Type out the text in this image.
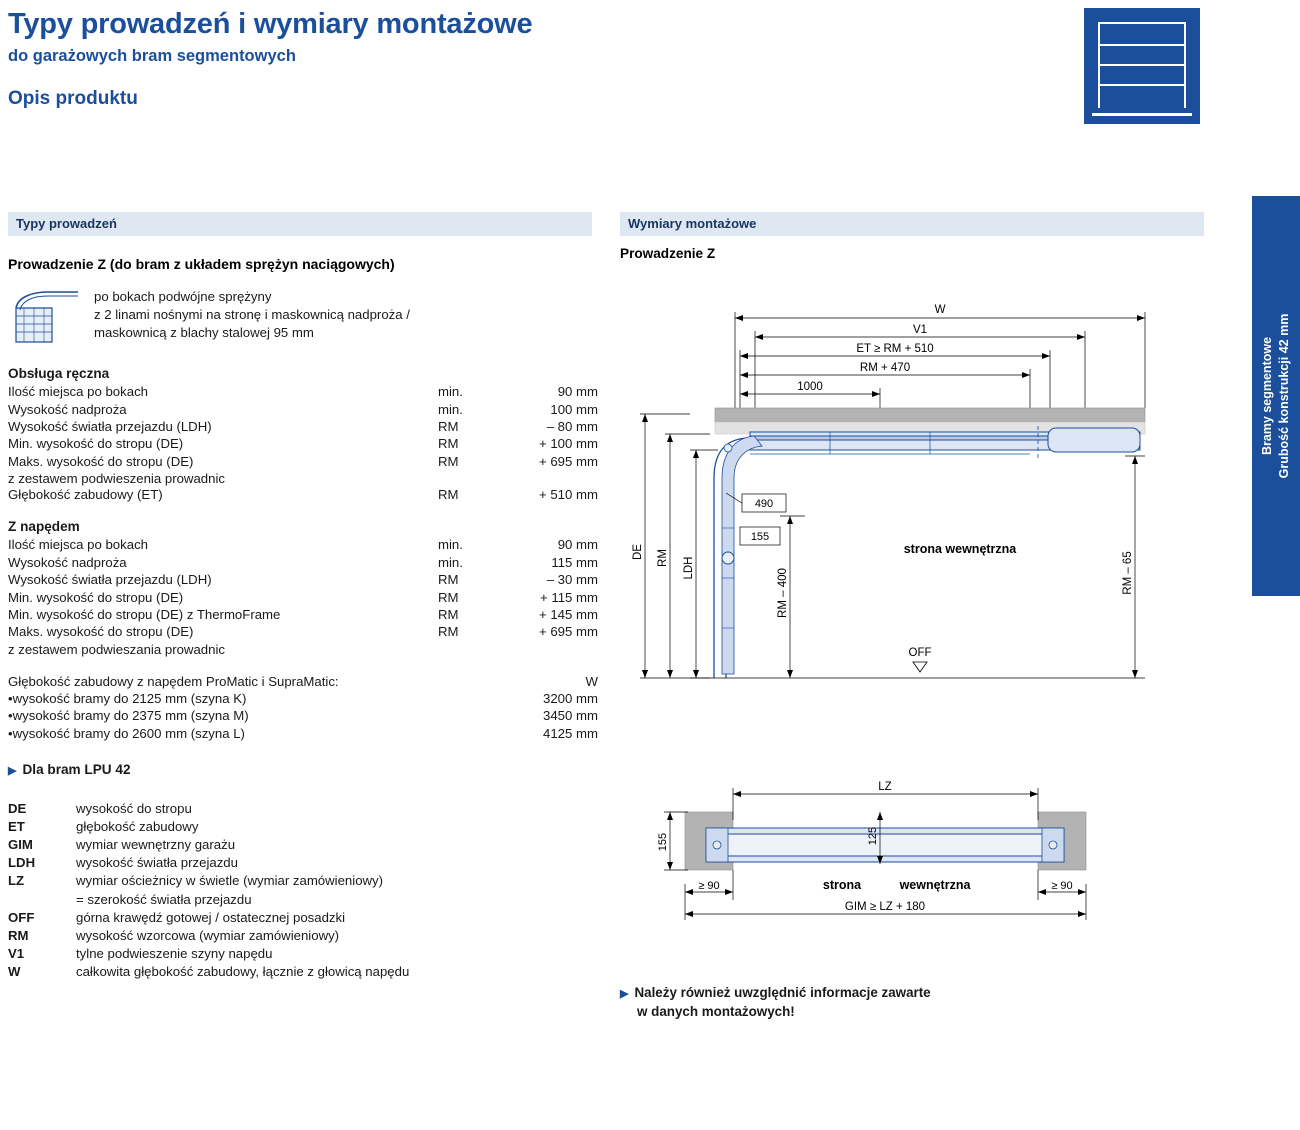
Typy prowadzeń i wymiary montażowe
do garażowych bram segmentowych
Opis produktu
Bramy segmentowe Grubość konstrukcji 42 mm
Typy prowadzeń	Wymiary montażowe
Prowadzenie Z (do bram z układem sprężyn naciągowych)
po bokach podwójne sprężyny
z 2 linami nośnymi na stronę i maskownicą nadproża /
maskownicą z blachy stalowej 95 mm
Obsługa ręczna
Ilość miejsca po bokach	min.	90 mm
Wysokość nadproża	min.	100 mm
Wysokość światła przejazdu (LDH)	RM	– 80 mm
Min. wysokość do stropu (DE)	RM	+ 100 mm
Maks. wysokość do stropu (DE)	RM	+ 695 mm
z zestawem podwieszenia prowadnic
Głębokość zabudowy (ET)	RM	+ 510 mm
Z napędem
Ilość miejsca po bokach	min.	90 mm
Wysokość nadproża	min.	115 mm
Wysokość światła przejazdu (LDH)	RM	– 30 mm
Min. wysokość do stropu (DE)	RM	+ 115 mm
Min. wysokość do stropu (DE) z ThermoFrame	RM	+ 145 mm
Maks. wysokość do stropu (DE)	RM	+ 695 mm
z zestawem podwieszania prowadnic
Głębokość zabudowy z napędem ProMatic i SupraMatic:	W
•wysokość bramy do 2125 mm (szyna K)	3200 mm
•wysokość bramy do 2375 mm (szyna M)	3450 mm
•wysokość bramy do 2600 mm (szyna L)	4125 mm
▶ Dla bram LPU 42
DE	wysokość do stropu
ET	głębokość zabudowy
GIM	wymiar wewnętrzny garażu
LDH	wysokość światła przejazdu
LZ	wymiar ościeżnicy w świetle (wymiar zamówieniowy)
	= szerokość światła przejazdu
OFF	górna krawędź gotowej / ostatecznej posadzki
RM	wysokość wzorcowa (wymiar zamówieniowy)
V1	tylne podwieszenie szyny napędu
W	całkowita głębokość zabudowy, łącznie z głowicą napędu
Prowadzenie Z
W
V1
ET ≥ RM + 510
RM + 470
1000
DE RM LDH
490
155
RM – 400
strona wewnętrzna
OFF
RM – 65
LZ
125
155
≥ 90	≥ 90
strona	wewnętrzna
GIM ≥ LZ + 180
▶ Należy również uwzględnić informacje zawarte
w danych montażowych!
